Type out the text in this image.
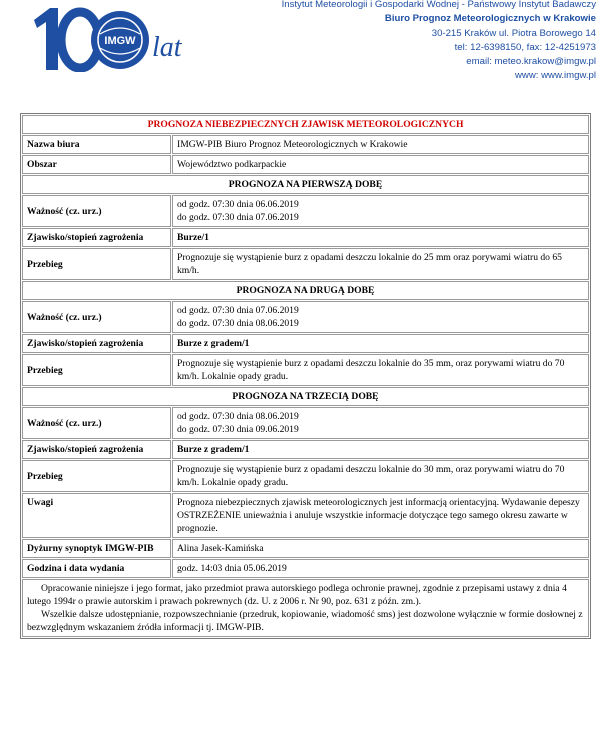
IMGW lat
Instytut Meteorologii i Gospodarki Wodnej - Państwowy Instytut Badawczy
Biuro Prognoz Meteorologicznych w Krakowie
30-215 Kraków ul. Piotra Borowego 14
tel: 12-6398150, fax: 12-4251973
email: meteo.krakow@imgw.pl
www: www.imgw.pl
PROGNOZA NIEBEZPIECZNYCH ZJAWISK METEOROLOGICZNYCH	
Nazwa biura	IMGW-PIB Biuro Prognoz Meteorologicznych w Krakowie
Obszar	Województwo podkarpackie
PROGNOZA NA PIERWSZĄ DOBĘ	
Ważność (cz. urz.)	od godz. 07:30 dnia 06.06.2019
do godz. 07:30 dnia 07.06.2019

Zjawisko/stopień zagrożenia	Burze/1
Przebieg	Prognozuje się wystąpienie burz z opadami deszczu lokalnie do 25 mm oraz porywami wiatru do 65 km/h.
PROGNOZA NA DRUGĄ DOBĘ	
Ważność (cz. urz.)	od godz. 07:30 dnia 07.06.2019
do godz. 07:30 dnia 08.06.2019

Zjawisko/stopień zagrożenia	Burze z gradem/1
Przebieg	Prognozuje się wystąpienie burz z opadami deszczu lokalnie do 35 mm, oraz porywami wiatru do 70 km/h. Lokalnie opady gradu.
PROGNOZA NA TRZECIĄ DOBĘ	
Ważność (cz. urz.)	od godz. 07:30 dnia 08.06.2019
do godz. 07:30 dnia 09.06.2019

Zjawisko/stopień zagrożenia	Burze z gradem/1
Przebieg	Prognozuje się wystąpienie burz z opadami deszczu lokalnie do 30 mm, oraz porywami wiatru do 70 km/h. Lokalnie opady gradu.
Uwagi	Prognoza niebezpiecznych zjawisk meteorologicznych jest informacją orientacyjną. Wydawanie depeszy OSTRZEŻENIE unieważnia i anuluje wszystkie informacje dotyczące tego samego okresu zawarte w prognozie.
Dyżurny synoptyk IMGW-PIB	Alina Jasek-Kamińska
Godzina i data wydania	godz. 14:03 dnia 05.06.2019

Opracowanie niniejsze i jego format, jako przedmiot prawa autorskiego podlega ochronie prawnej, zgodnie z przepisami ustawy z dnia 4 lutego 1994r o prawie autorskim i prawach pokrewnych (dz. U. z 2006 r. Nr 90, poz. 631 z późn. zm.).
Wszelkie dalsze udostępnianie, rozpowszechnianie (przedruk, kopiowanie, wiadomość sms) jest dozwolone wyłącznie w formie dosłownej z bezwzględnym wskazaniem źródła informacji tj. IMGW-PIB.	
